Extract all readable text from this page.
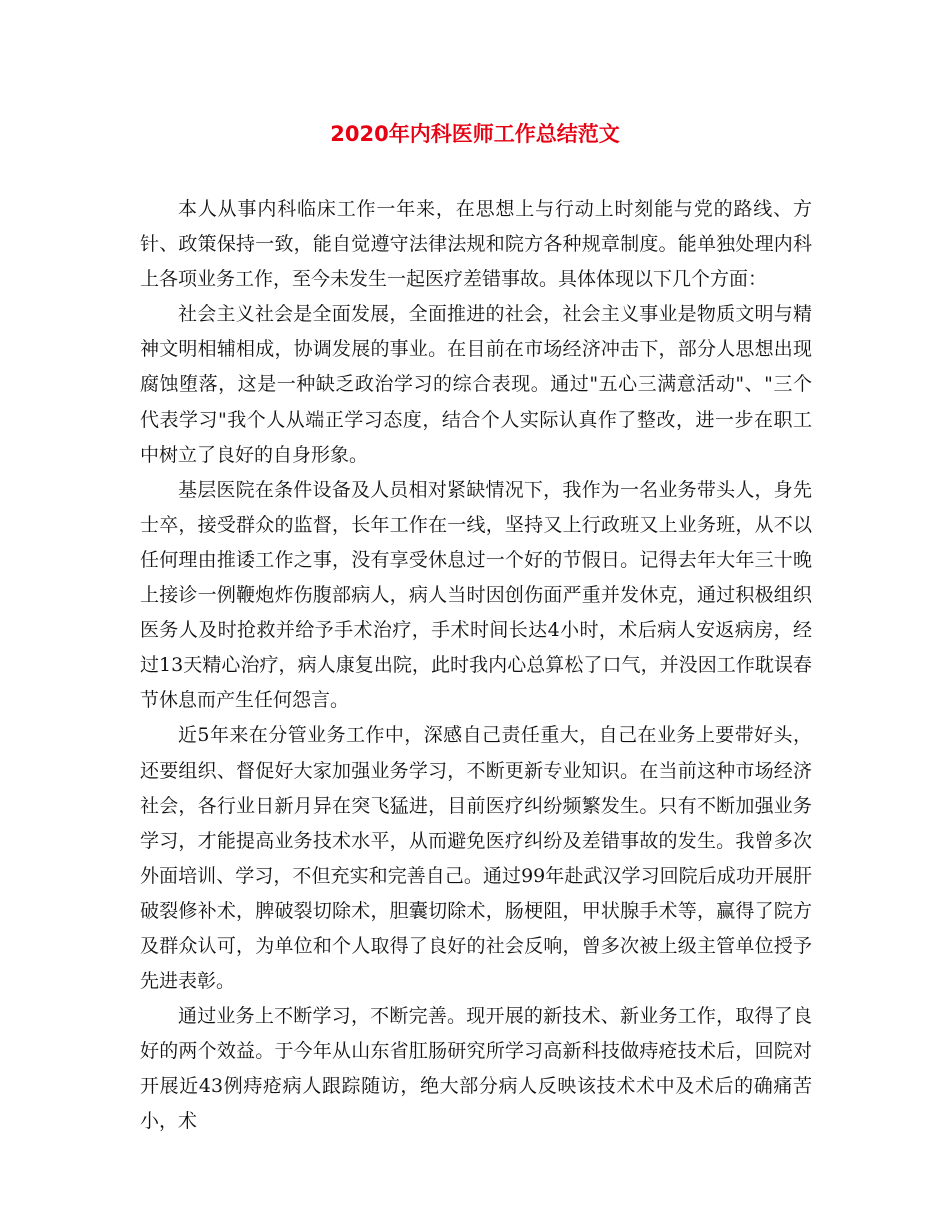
2020年内科医师工作总结范文

本人从事内科临床工作一年来，在思想上与行动上时刻能与党的路线、方针、政策保持一致，能自觉遵守法律法规和院方各种规章制度。能单独处理内科上各项业务工作，至今未发生一起医疗差错事故。具体体现以下几个方面：

社会主义社会是全面发展，全面推进的社会，社会主义事业是物质文明与精神文明相辅相成，协调发展的事业。在目前在市场经济冲击下，部分人思想出现腐蚀堕落，这是一种缺乏政治学习的综合表现。通过"五心三满意活动"、"三个代表学习"我个人从端正学习态度，结合个人实际认真作了整改，进一步在职工中树立了良好的自身形象。

基层医院在条件设备及人员相对紧缺情况下，我作为一名业务带头人，身先士卒，接受群众的监督，长年工作在一线，坚持又上行政班又上业务班，从不以任何理由推诿工作之事，没有享受休息过一个好的节假日。记得去年大年三十晚上接诊一例鞭炮炸伤腹部病人，病人当时因创伤面严重并发休克，通过积极组织医务人及时抢救并给予手术治疗，手术时间长达4小时，术后病人安返病房，经过13天精心治疗，病人康复出院，此时我内心总算松了口气，并没因工作耽误春节休息而产生任何怨言。

近5年来在分管业务工作中，深感自己责任重大，自己在业务上要带好头，还要组织、督促好大家加强业务学习，不断更新专业知识。在当前这种市场经济社会，各行业日新月异在突飞猛进，目前医疗纠纷频繁发生。只有不断加强业务学习，才能提高业务技术水平，从而避免医疗纠纷及差错事故的发生。我曾多次外面培训、学习，不但充实和完善自己。通过99年赴武汉学习回院后成功开展肝破裂修补术，脾破裂切除术，胆囊切除术，肠梗阻，甲状腺手术等，赢得了院方及群众认可，为单位和个人取得了良好的社会反响，曾多次被上级主管单位授予先进表彰。

通过业务上不断学习，不断完善。现开展的新技术、新业务工作，取得了良好的两个效益。于今年从山东省肛肠研究所学习高新科技做痔疮技术后，回院对开展近43例痔疮病人跟踪随访，绝大部分病人反映该技术术中及术后的确痛苦小，术
